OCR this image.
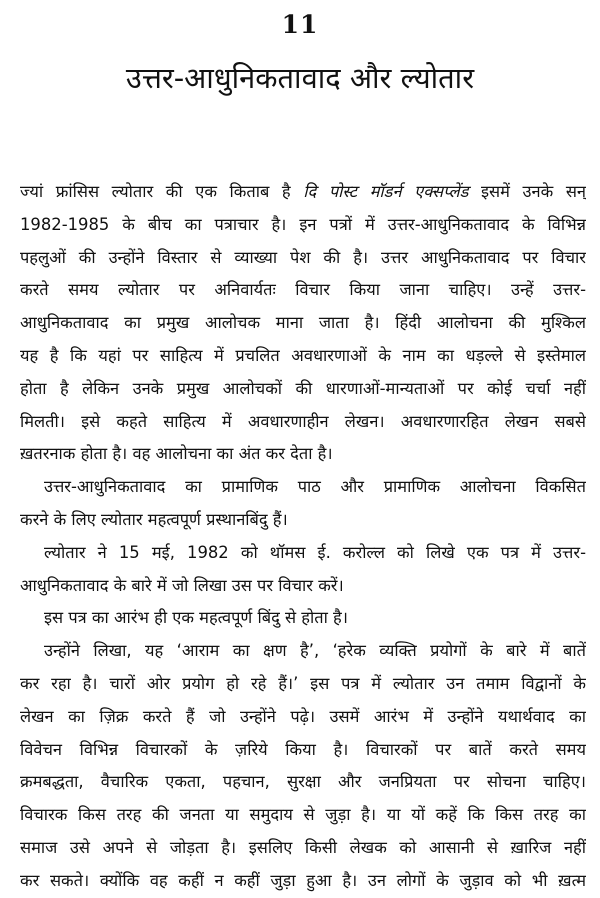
11
उत्तर-आधुनिकतावाद और ल्योतार
ज्यां फ्रांसिस ल्योतार की एक किताब है दि पोस्ट मॉडर्न एक्सप्लेंड इसमें उनके सन्
1982-1985 के बीच का पत्राचार है। इन पत्रों में उत्तर-आधुनिकतावाद के विभिन्न
पहलुओं की उन्होंने विस्तार से व्याख्या पेश की है। उत्तर आधुनिकतावाद पर विचार
करते समय ल्योतार पर अनिवार्यतः विचार किया जाना चाहिए। उन्हें उत्तर-
आधुनिकतावाद का प्रमुख आलोचक माना जाता है। हिंदी आलोचना की मुश्किल
यह है कि यहां पर साहित्य में प्रचलित अवधारणाओं के नाम का धड़ल्ले से इस्तेमाल
होता है लेकिन उनके प्रमुख आलोचकों की धारणाओं-मान्यताओं पर कोई चर्चा नहीं
मिलती। इसे कहते साहित्य में अवधारणाहीन लेखन। अवधारणारहित लेखन सबसे
ख़तरनाक होता है। वह आलोचना का अंत कर देता है।
उत्तर-आधुनिकतावाद का प्रामाणिक पाठ और प्रामाणिक आलोचना विकसित
करने के लिए ल्योतार महत्वपूर्ण प्रस्थानबिंदु हैं।
ल्योतार ने 15 मई, 1982 को थॉमस ई. करोल्ल को लिखे एक पत्र में उत्तर-
आधुनिकतावाद के बारे में जो लिखा उस पर विचार करें।
इस पत्र का आरंभ ही एक महत्वपूर्ण बिंदु से होता है।
उन्होंने लिखा, यह ‘आराम का क्षण है’, ‘हरेक व्यक्ति प्रयोगों के बारे में बातें
कर रहा है। चारों ओर प्रयोग हो रहे हैं।’ इस पत्र में ल्योतार उन तमाम विद्वानों के
लेखन का ज़िक्र करते हैं जो उन्होंने पढ़े। उसमें आरंभ में उन्होंने यथार्थवाद का
विवेचन विभिन्न विचारकों के ज़रिये किया है। विचारकों पर बातें करते समय
क्रमबद्धता, वैचारिक एकता, पहचान, सुरक्षा और जनप्रियता पर सोचना चाहिए।
विचारक किस तरह की जनता या समुदाय से जुड़ा है। या यों कहें कि किस तरह का
समाज उसे अपने से जोड़ता है। इसलिए किसी लेखक को आसानी से ख़ारिज नहीं
कर सकते। क्योंकि वह कहीं न कहीं जुड़ा हुआ है। उन लोगों के जुड़ाव को भी ख़त्म
